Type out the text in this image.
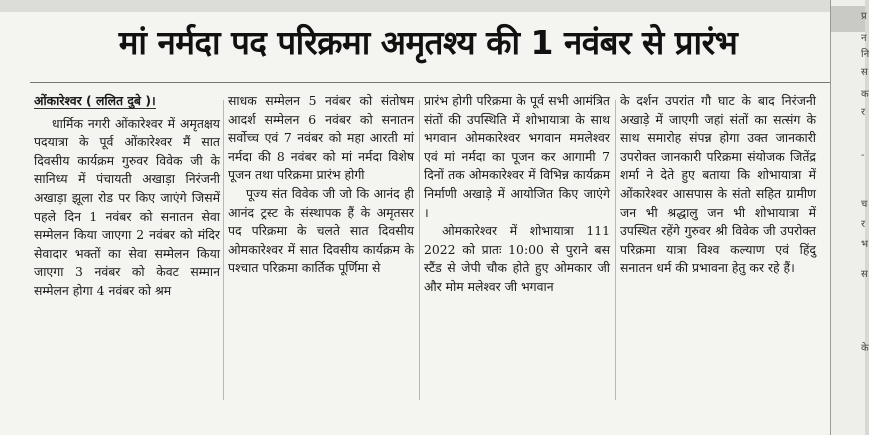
मां नर्मदा पद परिक्रमा अमृतश्य की 1 नवंबर से प्रारंभ
ओंकारेश्वर ( ललित दुबे )।

धार्मिक नगरी ओंकारेश्वर में अमृतक्षय पदयात्रा के पूर्व ओंकारेश्वर मैं सात दिवसीय कार्यक्रम गुरुवर विवेक जी के सानिध्य में पंचायती अखाड़ा निरंजनी अखाड़ा झूला रोड पर किए जाएंगे जिसमें पहले दिन 1 नवंबर को सनातन सेवा सम्मेलन किया जाएगा 2 नवंबर को मंदिर सेवादार भक्तों का सेवा सम्मेलन किया जाएगा 3 नवंबर को केवट सम्मान सम्मेलन होगा 4 नवंबर को श्रम

साधक सम्मेलन 5 नवंबर को संतोषम आदर्श सम्मेलन 6 नवंबर को सनातन सर्वोच्च एवं 7 नवंबर को महा आरती मां नर्मदा की 8 नवंबर को मां नर्मदा विशेष पूजन तथा परिक्रमा प्रारंभ होगी

पूज्य संत विवेक जी जो कि आनंद ही आनंद ट्रस्ट के संस्थापक हैं के अमृतसर पद परिक्रमा के चलते सात दिवसीय ओमकारेश्वर में सात दिवसीय कार्यक्रम के पश्चात परिक्रमा कार्तिक पूर्णिमा से

प्रारंभ होगी परिक्रमा के पूर्व सभी आमंत्रित संतों की उपस्थिति में शोभायात्रा के साथ भगवान ओमकारेश्वर भगवान ममलेश्वर एवं मां नर्मदा का पूजन कर आगामी 7 दिनों तक ओमकारेश्वर में विभिन्न कार्यक्रम निर्माणी अखाड़े में आयोजित किए जाएंगे ।

ओमकारेश्वर में शोभायात्रा 111 2022 को प्रातः 10:00 से पुराने बस स्टैंड से जेपी चौक होते हुए ओमकार जी और मोम मलेश्वर जी भगवान

के दर्शन उपरांत गौ घाट के बाद निरंजनी अखाड़े में जाएगी जहां संतों का सत्संग के साथ समारोह संपन्न होगा उक्त जानकारी उपरोक्त जानकारी परिक्रमा संयोजक जितेंद्र शर्मा ने देते हुए बताया कि शोभायात्रा में ओंकारेश्वर आसपास के संतो सहित ग्रामीण जन भी श्रद्धालु जन भी शोभायात्रा में उपस्थित रहेंगे गुरुवर श्री विवेक जी उपरोक्त परिक्रमा यात्रा विश्व कल्याण एवं हिंदु सनातन धर्म की प्रभावना हेतु कर रहे हैं।

प्र
न
नि
स
क
र
-
च
र
भ
स
के
